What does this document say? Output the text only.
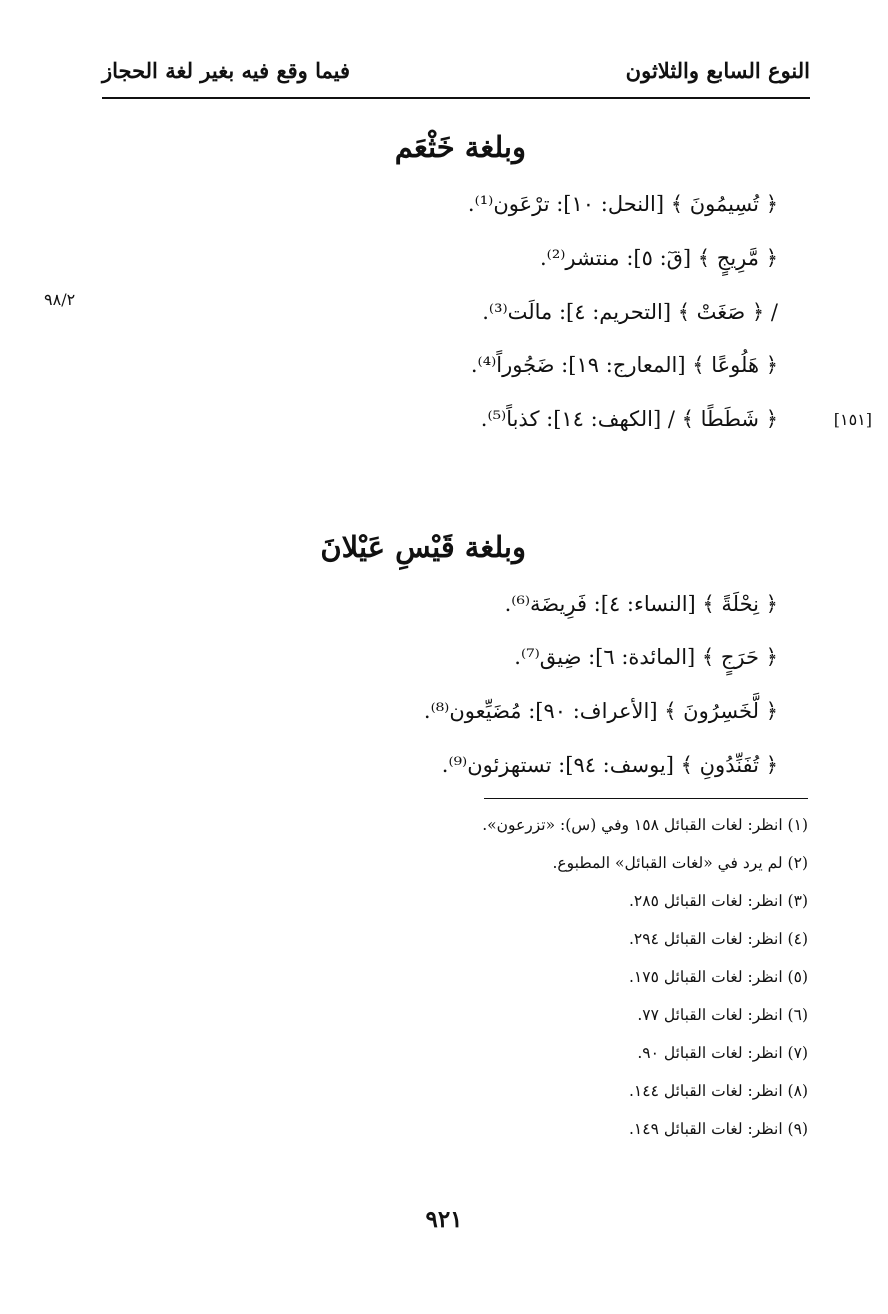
النوع السابع والثلاثون
فيما وقع فيه بغير لغة الحجاز
٩٨/٢
[١٥١]
وبلغة خَثْعَم
﴿ تُسِيمُونَ ﴾ [النحل: ١٠]: ترْعَون⁽¹⁾.
﴿ مَّرِيجٍ ﴾ [قٓ: ٥]: منتشر⁽²⁾.
/ ﴿ صَغَتْ ﴾ [التحريم: ٤]: مالَت⁽³⁾.
﴿ هَلُوعًا ﴾ [المعارج: ١٩]: ضَجُوراً⁽⁴⁾.
﴿ شَطَطًا ﴾ / [الكهف: ١٤]: كذباً⁽⁵⁾.
وبلغة قَيْسِ عَيْلانَ
﴿ نِحْلَةً ﴾ [النساء: ٤]: فَرِيضَة⁽⁶⁾.
﴿ حَرَجٍ ﴾ [المائدة: ٦]: ضِيق⁽⁷⁾.
﴿ لَّخَسِرُونَ ﴾ [الأعراف: ٩٠]: مُضَيِّعون⁽⁸⁾.
﴿ تُفَنِّدُونِ ﴾ [يوسف: ٩٤]: تستهزئون⁽⁹⁾.
(١) انظر: لغات القبائل ١٥٨ وفي (س): «تزرعون».
(٢) لم يرد في «لغات القبائل» المطبوع.
(٣) انظر: لغات القبائل ٢٨٥.
(٤) انظر: لغات القبائل ٢٩٤.
(٥) انظر: لغات القبائل ١٧٥.
(٦) انظر: لغات القبائل ٧٧.
(٧) انظر: لغات القبائل ٩٠.
(٨) انظر: لغات القبائل ١٤٤.
(٩) انظر: لغات القبائل ١٤٩.
٩٢١
